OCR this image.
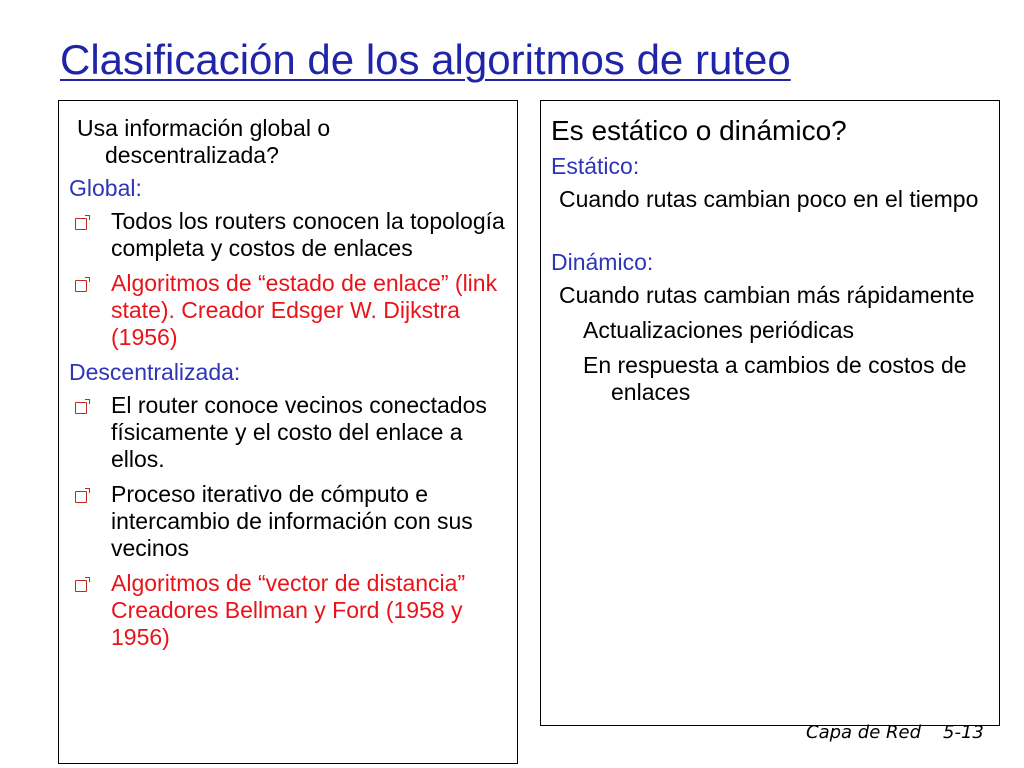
Clasificación de los algoritmos de ruteo
Usa información global o descentralizada?
Global:
Todos los routers conocen la topología completa y costos de enlaces
Algoritmos de “estado de enlace” (link state). Creador Edsger W. Dijkstra (1956)
Descentralizada:
El router conoce vecinos conectados físicamente y el costo del enlace a ellos.
Proceso iterativo de cómputo e intercambio de información con sus vecinos
Algoritmos de “vector de distancia” Creadores Bellman y Ford (1958 y 1956)
Es estático o dinámico?
Estático:
Cuando rutas cambian poco en el tiempo
Dinámico:
Cuando rutas cambian más rápidamente
Actualizaciones periódicas
En respuesta a cambios de costos de enlaces
Capa de Red 5-13
